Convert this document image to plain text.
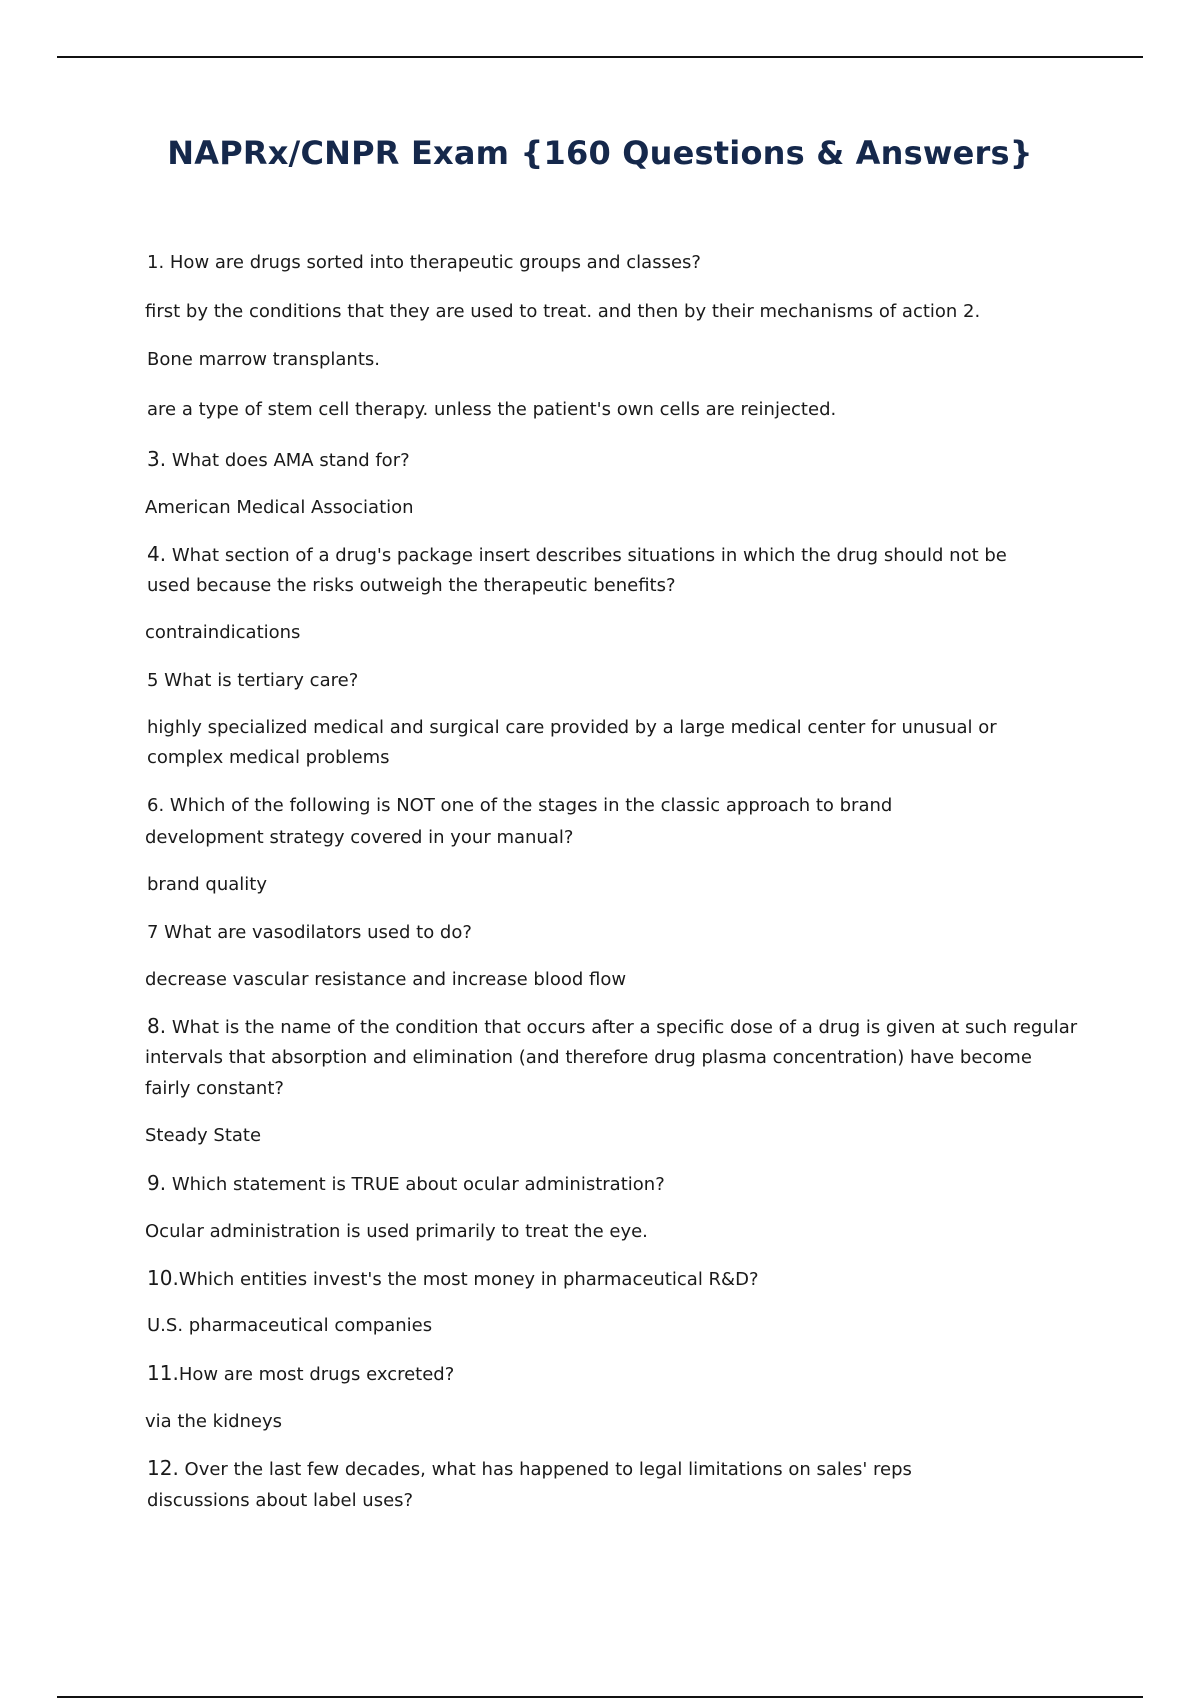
NAPRx/CNPR Exam {160 Questions & Answers}
1. How are drugs sorted into therapeutic groups and classes?
first by the conditions that they are used to treat. and then by their mechanisms of action 2.
Bone marrow transplants.
are a type of stem cell therapy. unless the patient's own cells are reinjected.
3. What does AMA stand for?
American Medical Association
4. What section of a drug's package insert describes situations in which the drug should not be
used because the risks outweigh the therapeutic benefits?
contraindications
5 What is tertiary care?
highly specialized medical and surgical care provided by a large medical center for unusual or
complex medical problems
6. Which of the following is NOT one of the stages in the classic approach to brand
development strategy covered in your manual?
brand quality
7 What are vasodilators used to do?
decrease vascular resistance and increase blood flow
8. What is the name of the condition that occurs after a specific dose of a drug is given at such regular
intervals that absorption and elimination (and therefore drug plasma concentration) have become
fairly constant?
Steady State
9. Which statement is TRUE about ocular administration?
Ocular administration is used primarily to treat the eye.
10.Which entities invest's the most money in pharmaceutical R&D?
U.S. pharmaceutical companies
11.How are most drugs excreted?
via the kidneys
12. Over the last few decades, what has happened to legal limitations on sales' reps
discussions about label uses?
